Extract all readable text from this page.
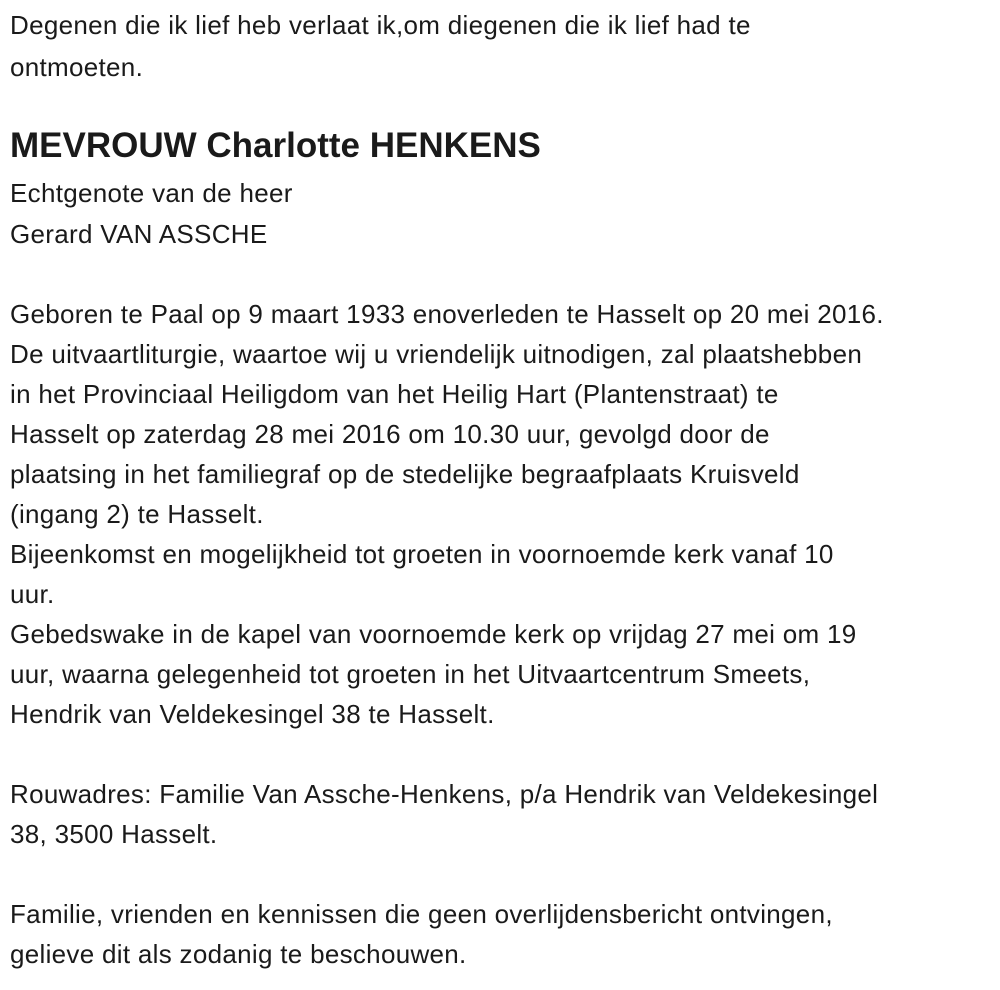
Degenen die ik lief heb verlaat ik,om diegenen die ik lief had te
ontmoeten.
MEVROUW Charlotte HENKENS
Echtgenote van de heer
Gerard VAN ASSCHE
Geboren te Paal op 9 maart 1933 enoverleden te Hasselt op 20 mei 2016.
De uitvaartliturgie, waartoe wij u vriendelijk uitnodigen, zal plaatshebben
in het Provinciaal Heiligdom van het Heilig Hart (Plantenstraat) te
Hasselt op zaterdag 28 mei 2016 om 10.30 uur, gevolgd door de
plaatsing in het familiegraf op de stedelijke begraafplaats Kruisveld
(ingang 2) te Hasselt.
Bijeenkomst en mogelijkheid tot groeten in voornoemde kerk vanaf 10
uur.
Gebedswake in de kapel van voornoemde kerk op vrijdag 27 mei om 19
uur, waarna gelegenheid tot groeten in het Uitvaartcentrum Smeets,
Hendrik van Veldekesingel 38 te Hasselt.
Rouwadres: Familie Van Assche-Henkens, p/a Hendrik van Veldekesingel
38, 3500 Hasselt.
Familie, vrienden en kennissen die geen overlijdensbericht ontvingen,
gelieve dit als zodanig te beschouwen.
